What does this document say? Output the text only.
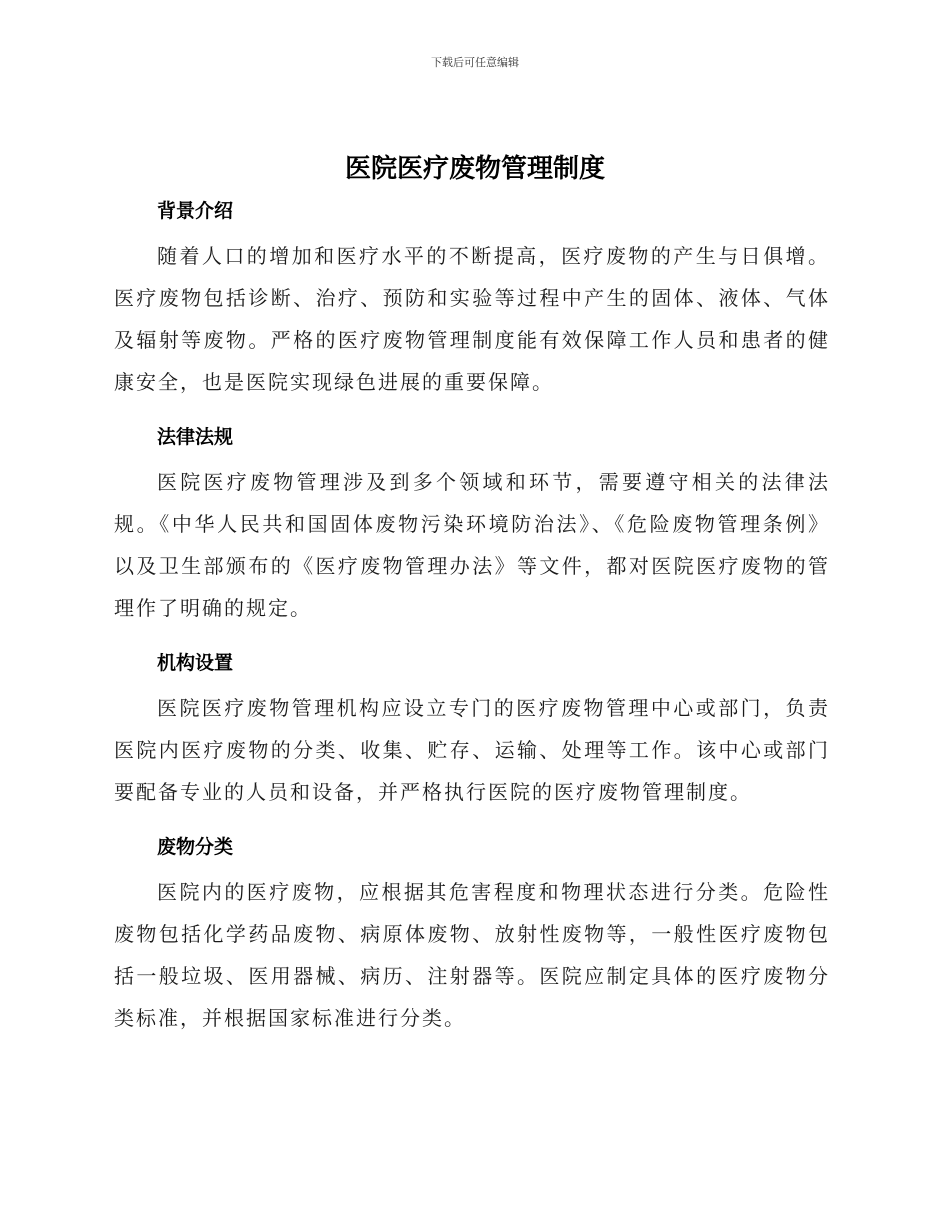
下载后可任意编辑
医院医疗废物管理制度
背景介绍

随着人口的增加和医疗水平的不断提高，医疗废物的产生与日俱增。医疗废物包括诊断、治疗、预防和实验等过程中产生的固体、液体、气体及辐射等废物。严格的医疗废物管理制度能有效保障工作人员和患者的健康安全，也是医院实现绿色进展的重要保障。

法律法规

医院医疗废物管理涉及到多个领域和环节，需要遵守相关的法律法规。《中华人民共和国固体废物污染环境防治法》、《危险废物管理条例》以及卫生部颁布的《医疗废物管理办法》等文件，都对医院医疗废物的管理作了明确的规定。

机构设置

医院医疗废物管理机构应设立专门的医疗废物管理中心或部门，负责医院内医疗废物的分类、收集、贮存、运输、处理等工作。该中心或部门要配备专业的人员和设备，并严格执行医院的医疗废物管理制度。

废物分类

医院内的医疗废物，应根据其危害程度和物理状态进行分类。危险性废物包括化学药品废物、病原体废物、放射性废物等，一般性医疗废物包括一般垃圾、医用器械、病历、注射器等。医院应制定具体的医疗废物分类标准，并根据国家标准进行分类。
